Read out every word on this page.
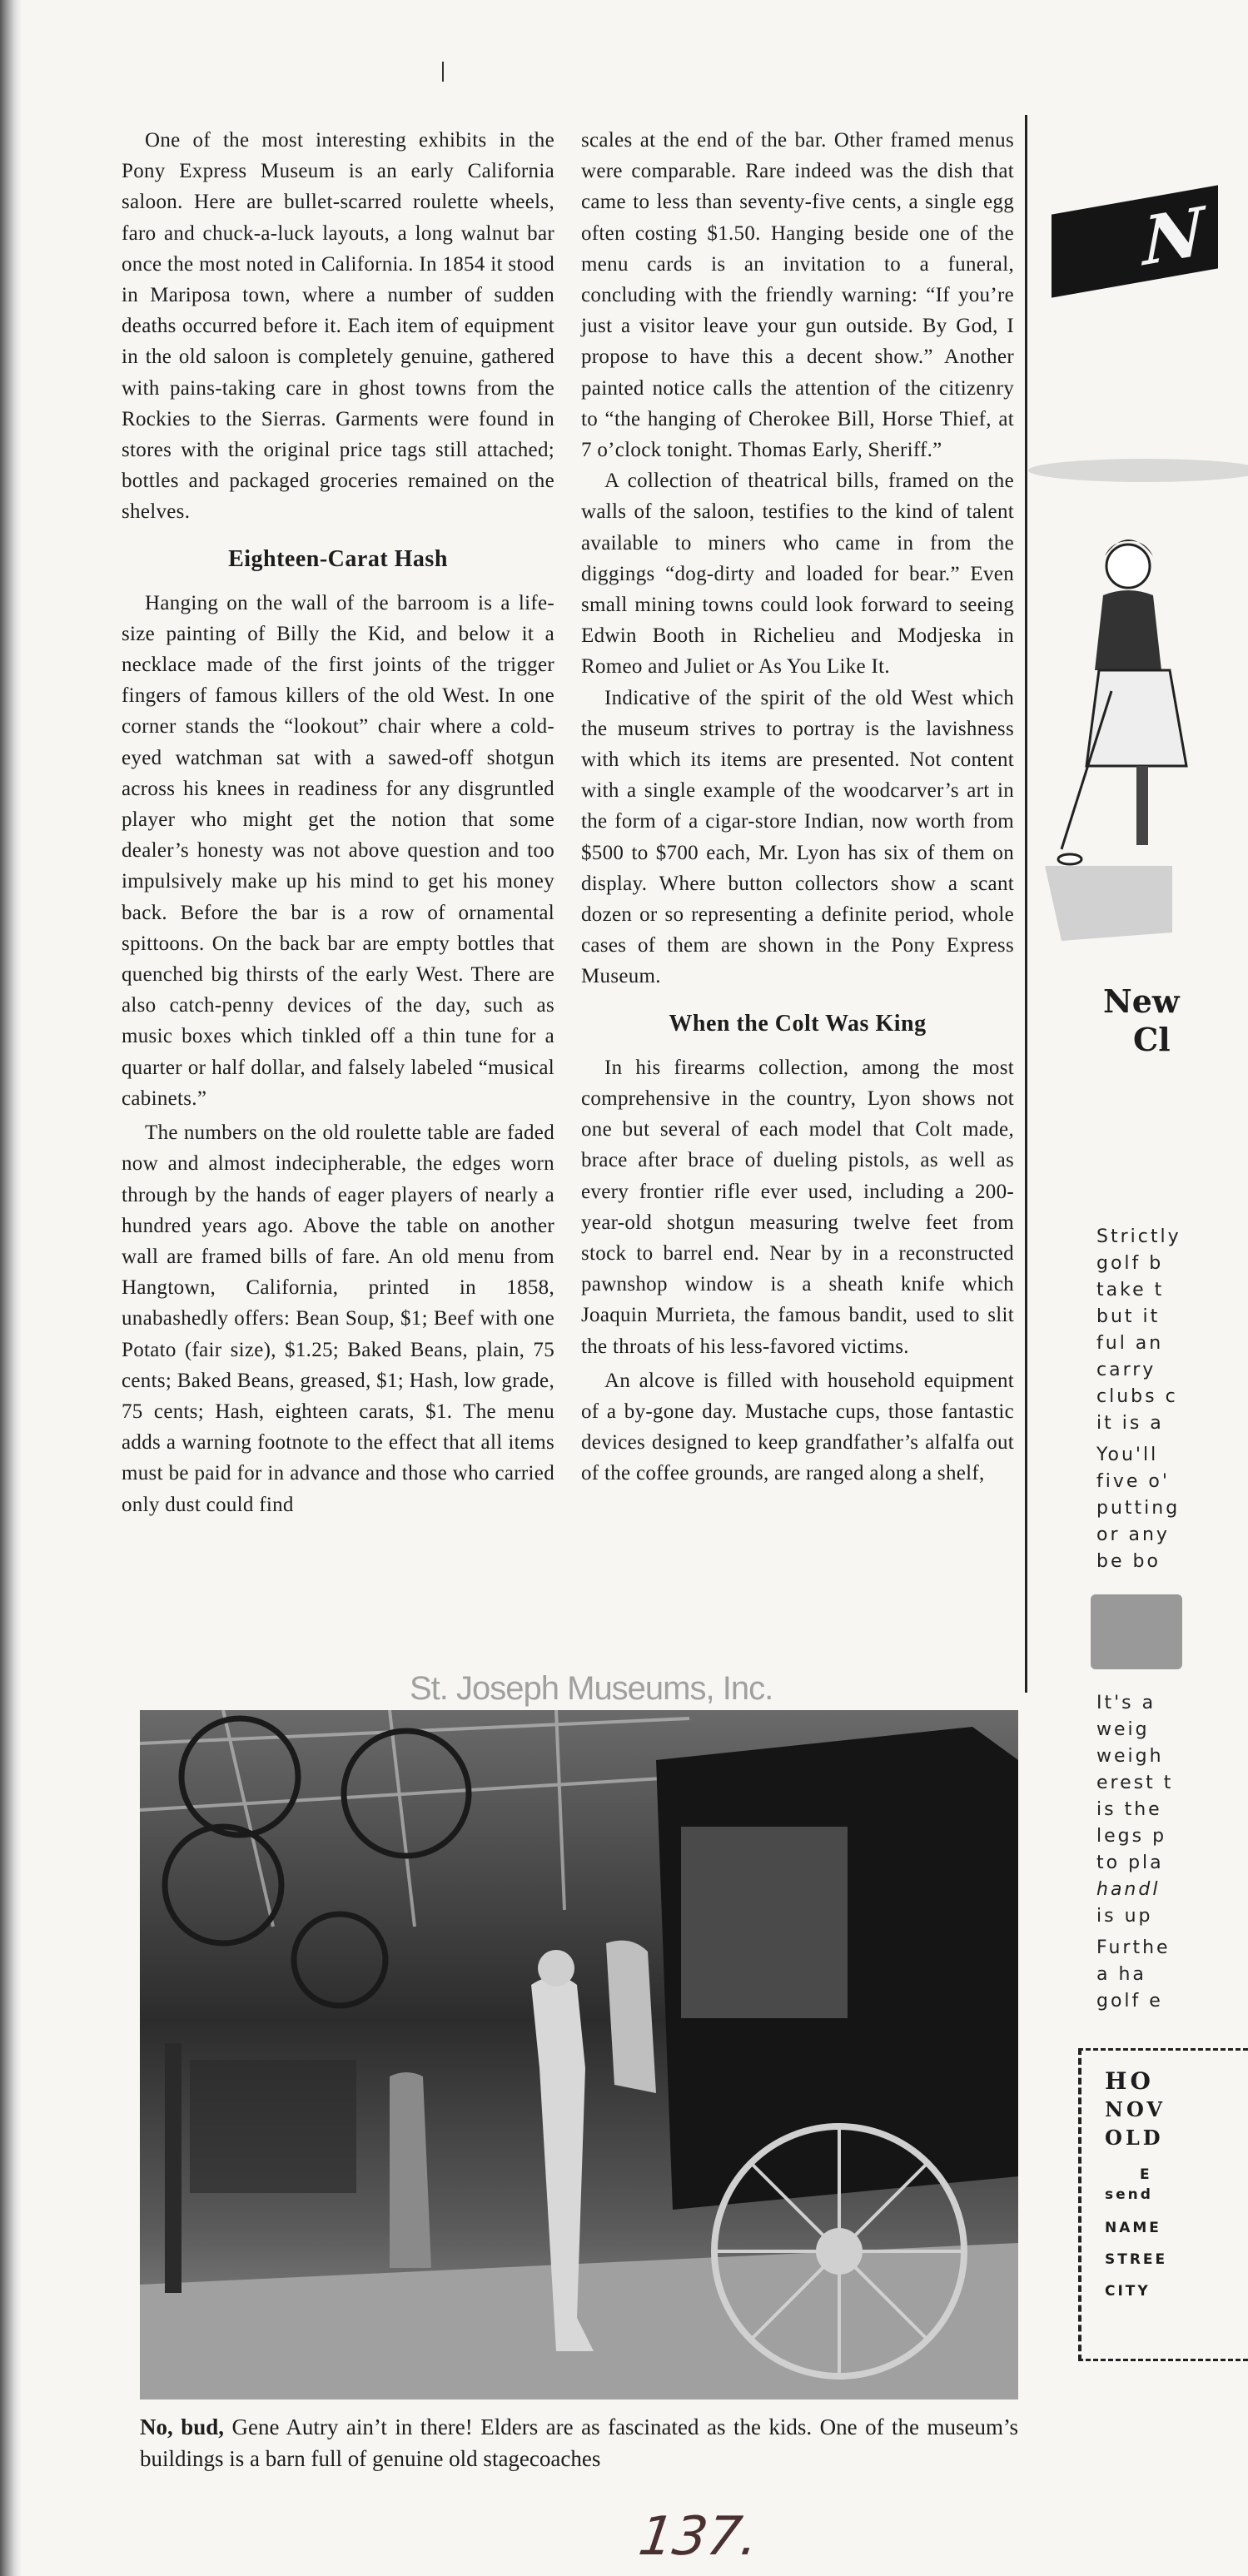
One of the most interesting exhibits in the Pony Express Museum is an early California saloon. Here are bullet-scarred roulette wheels, faro and chuck-a-luck layouts, a long walnut bar once the most noted in California. In 1854 it stood in Mariposa town, where a number of sudden deaths occurred before it. Each item of equipment in the old saloon is completely genuine, gathered with pains-taking care in ghost towns from the Rockies to the Sierras. Garments were found in stores with the original price tags still attached; bottles and packaged groceries remained on the shelves.

Eighteen-Carat Hash

Hanging on the wall of the barroom is a life-size painting of Billy the Kid, and below it a necklace made of the first joints of the trigger fingers of famous killers of the old West. In one corner stands the “lookout” chair where a cold-eyed watchman sat with a sawed-off shotgun across his knees in readiness for any disgruntled player who might get the notion that some dealer’s honesty was not above question and too impulsively make up his mind to get his money back. Before the bar is a row of ornamental spittoons. On the back bar are empty bottles that quenched big thirsts of the early West. There are also catch-penny devices of the day, such as music boxes which tinkled off a thin tune for a quarter or half dollar, and falsely labeled “musical cabinets.”

The numbers on the old roulette table are faded now and almost indecipherable, the edges worn through by the hands of eager players of nearly a hundred years ago. Above the table on another wall are framed bills of fare. An old menu from Hangtown, California, printed in 1858, unabashedly offers: Bean Soup, $1; Beef with one Potato (fair size), $1.25; Baked Beans, plain, 75 cents; Baked Beans, greased, $1; Hash, low grade, 75 cents; Hash, eighteen carats, $1. The menu adds a warning footnote to the effect that all items must be paid for in advance and those who carried only dust could find

scales at the end of the bar. Other framed menus were comparable. Rare indeed was the dish that came to less than seventy-five cents, a single egg often costing $1.50. Hanging beside one of the menu cards is an invitation to a funeral, concluding with the friendly warning: “If you’re just a visitor leave your gun outside. By God, I propose to have this a decent show.” Another painted notice calls the attention of the citizenry to “the hanging of Cherokee Bill, Horse Thief, at 7 o’clock tonight. Thomas Early, Sheriff.”

A collection of theatrical bills, framed on the walls of the saloon, testifies to the kind of talent available to miners who came in from the diggings “dog-dirty and loaded for bear.” Even small mining towns could look forward to seeing Edwin Booth in Richelieu and Modjeska in Romeo and Juliet or As You Like It.

Indicative of the spirit of the old West which the museum strives to portray is the lavishness with which its items are presented. Not content with a single example of the woodcarver’s art in the form of a cigar-store Indian, now worth from $500 to $700 each, Mr. Lyon has six of them on display. Where button collectors show a scant dozen or so representing a definite period, whole cases of them are shown in the Pony Express Museum.

When the Colt Was King

In his firearms collection, among the most comprehensive in the country, Lyon shows not one but several of each model that Colt made, brace after brace of dueling pistols, as well as every frontier rifle ever used, including a 200-year-old shotgun measuring twelve feet from stock to barrel end. Near by in a reconstructed pawnshop window is a sheath knife which Joaquin Murrieta, the famous bandit, used to slit the throats of his less-favored victims.

An alcove is filled with household equipment of a by-gone day. Mustache cups, those fantastic devices designed to keep grandfather’s alfalfa out of the coffee grounds, are ranged along a shelf,

St. Joseph Museums, Inc.
No, bud, Gene Autry ain’t in there! Elders are as fascinated as the kids. One of the museum’s buildings is a barn full of genuine old stagecoaches
137.
N
New
Cl
Strictly
golf b
take t
but it
ful an
carry
clubs c
it is a
You'll
five o'
putting
or any
be bo
It's a
weig
weigh
erest t
is the
legs p
to pla
handl
is up
Furthe
a ha
golf e
HO
NOV
OLD
E
send
NAME
STREE
CITY
